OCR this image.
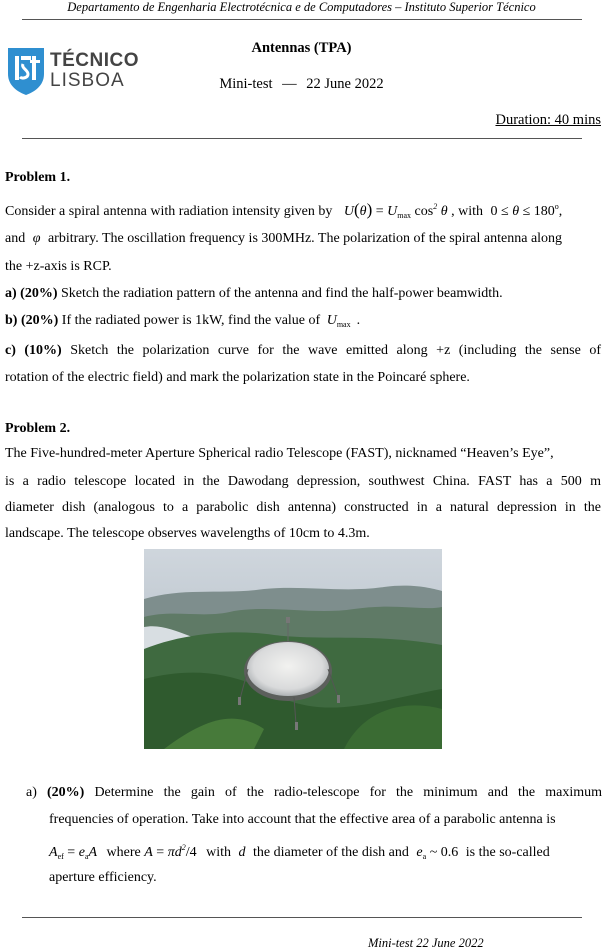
Departamento de Engenharia Electrotécnica e de Computadores – Instituto Superior Técnico
TÉCNICO
LISBOA
Antennas (TPA)
Mini-test — 22 June 2022
Duration: 40 mins
Problem 1.
Consider a spiral antenna with radiation intensity given by $U(\theta) = U_{max}$ $\cos^2 \theta$ , with $0 \le \theta \le 180^o$,
and φ arbitrary. The oscillation frequency is 300MHz. The polarization of the spiral antenna along
the +z-axis is RCP.
a) (20%) Sketch the radiation pattern of the antenna and find the half-power beamwidth.
b) (20%) If the radiated power is 1kW, find the value of $U_{max}$ .
c) (10%) Sketch the polarization curve for the wave emitted along +z (including the sense of
rotation of the electric field) and mark the polarization state in the Poincaré sphere.
Problem 2.
The Five-hundred-meter Aperture Spherical radio Telescope (FAST), nicknamed “Heaven’s Eye”,
is a radio telescope located in the Dawodang depression, southwest China. FAST has a 500 m
diameter dish (analogous to a parabolic dish antenna) constructed in a natural depression in the
landscape. The telescope observes wavelengths of 10cm to 4.3m.
a) (20%) Determine the gain of the radio-telescope for the minimum and the maximum
frequencies of operation. Take into account that the effective area of a parabolic antenna is
$A_{ef} = e_aA$ where $A = \pi d^2/4$ with d the diameter of the dish and $e_a$ ~ 0.6 is the so-called
aperture efficiency.
Mini-test 22 June 2022
